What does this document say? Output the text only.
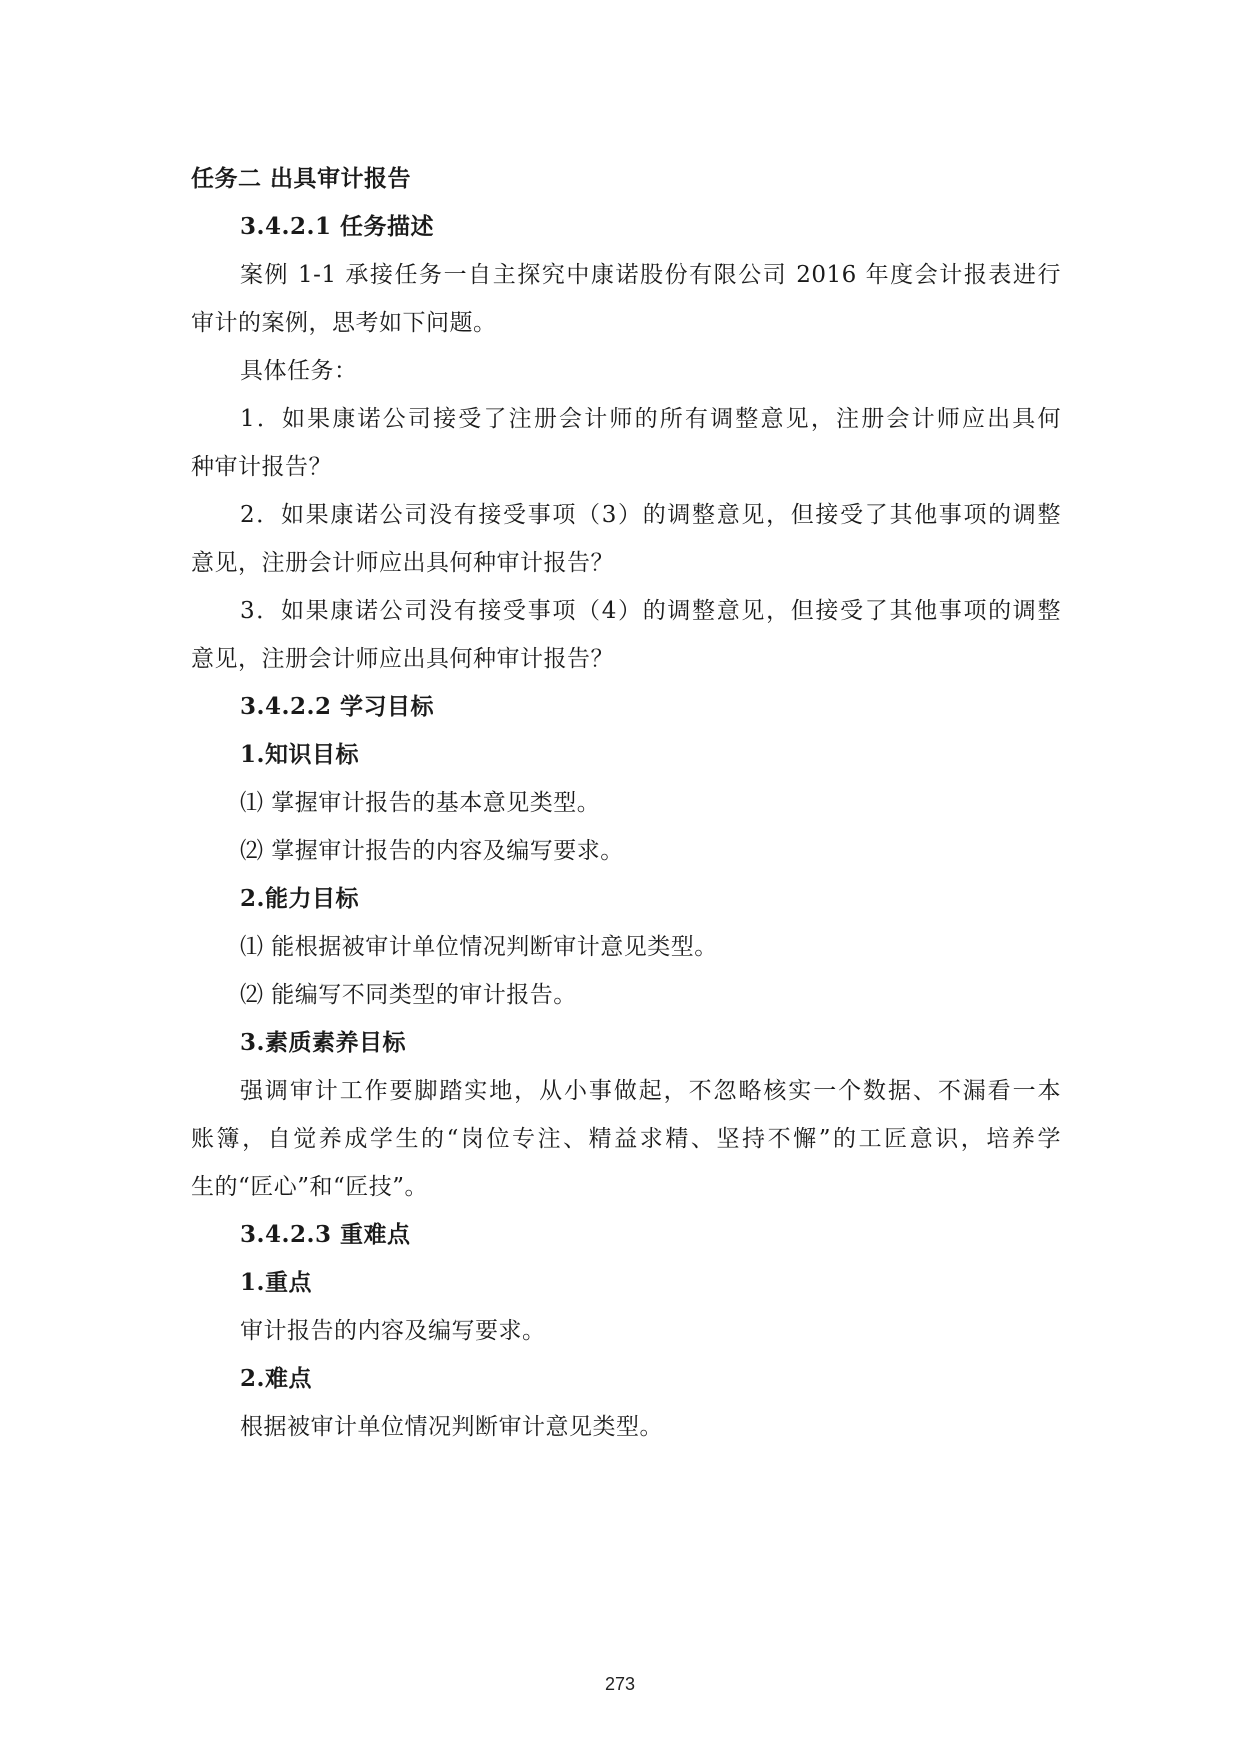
任务二 出具审计报告
3.4.2.1 任务描述
案例 1-1 承接任务一自主探究中康诺股份有限公司 2016 年度会计报表进行
审计的案例，思考如下问题。
具体任务：
1．如果康诺公司接受了注册会计师的所有调整意见，注册会计师应出具何
种审计报告？
2．如果康诺公司没有接受事项（3）的调整意见，但接受了其他事项的调整
意见，注册会计师应出具何种审计报告？
3．如果康诺公司没有接受事项（4）的调整意见，但接受了其他事项的调整
意见，注册会计师应出具何种审计报告？
3.4.2.2 学习目标
1.知识目标
⑴ 掌握审计报告的基本意见类型。
⑵ 掌握审计报告的内容及编写要求。
2.能力目标
⑴ 能根据被审计单位情况判断审计意见类型。
⑵ 能编写不同类型的审计报告。
3.素质素养目标
强调审计工作要脚踏实地，从小事做起，不忽略核实一个数据、不漏看一本
账簿，自觉养成学生的“岗位专注、精益求精、坚持不懈”的工匠意识，培养学
生的“匠心”和“匠技”。
3.4.2.3 重难点
1.重点
审计报告的内容及编写要求。
2.难点
根据被审计单位情况判断审计意见类型。
273
